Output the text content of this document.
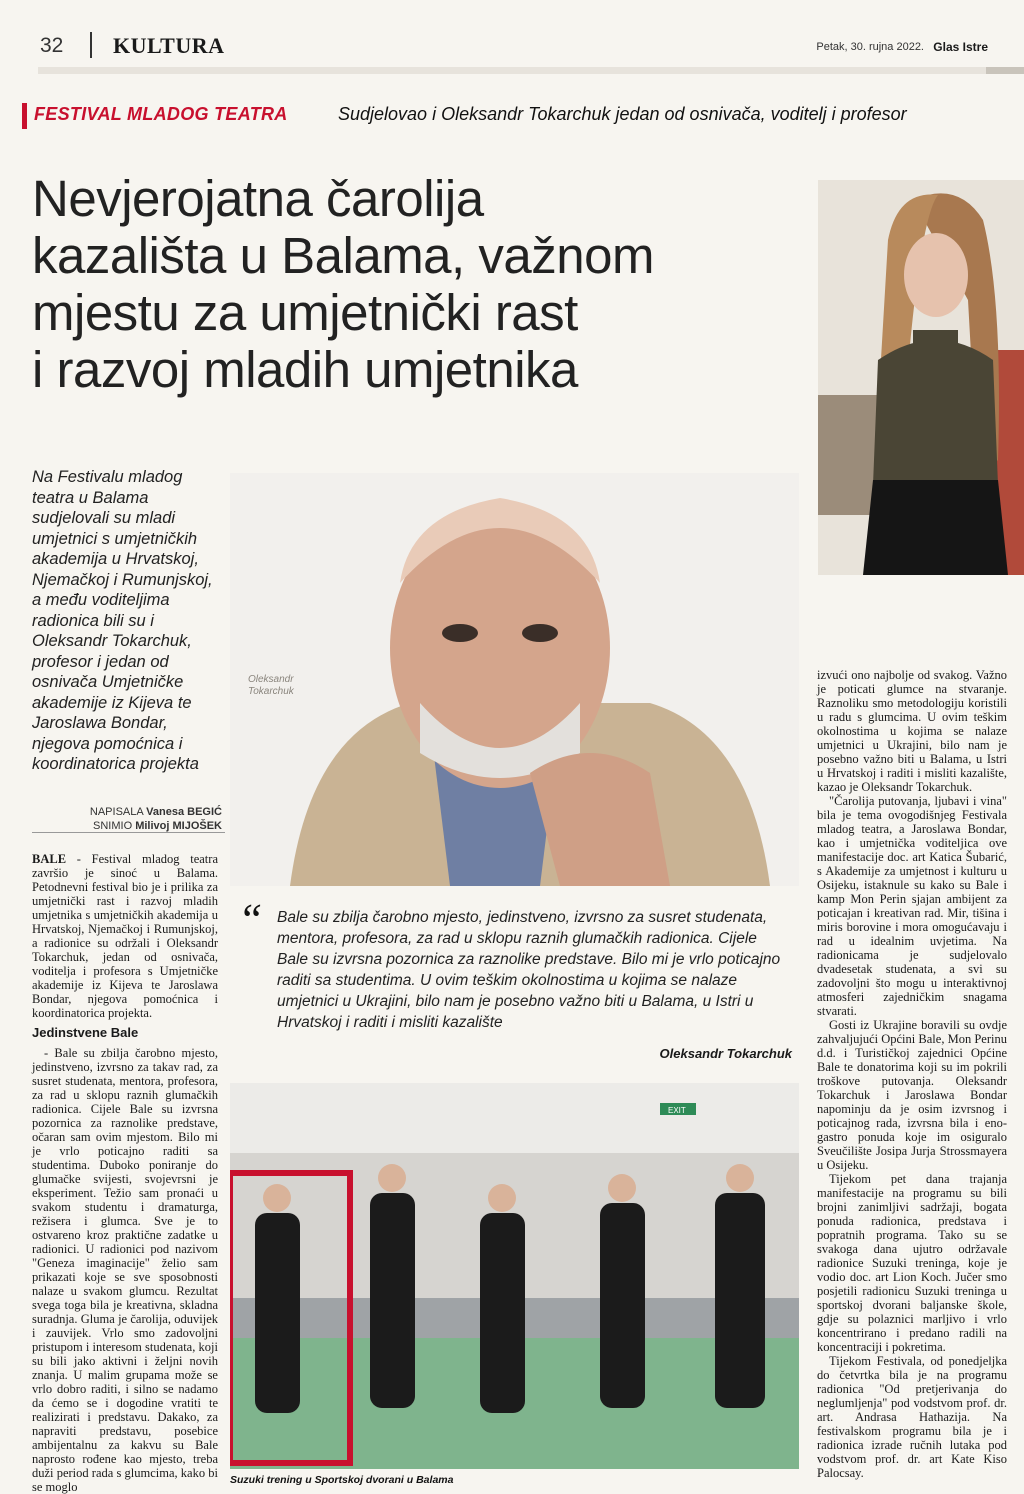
32 KULTURA	Petak, 30. rujna 2022. Glas Istre
FESTIVAL MLADOG TEATRA	Sudjelovao i Oleksandr Tokarchuk jedan od osnivača, voditelj i profesor
Nevjerojatna čarolija
kazališta u Balama, važnom
mjestu za umjetnički rast
i razvoj mladih umjetnika
Oleksandr Tokarchuk

Na Festivalu mladog teatra u Balama sudjelovali su mladi umjetnici s umjetničkih akademija u Hrvatskoj, Njemačkoj i Rumunjskoj, a među voditeljima radionica bili su i Oleksandr Tokarchuk, profesor i jedan od osnivača Umjetničke akademije iz Kijeva te Jaroslawa Bondar, njegova pomoćnica i koordinatorica projekta

NAPISALA Vanesa BEGIĆ
SNIMIO Milivoj MIJOŠEK

BALE - Festival mladog teatra završio je sinoć u Balama. Petodnevni festival bio je i prilika za umjetnički rast i razvoj mladih umjetnika s umjetničkih akademija u Hrvatskoj, Njemačkoj i Rumunjskoj, a radionice su održali i Oleksandr Tokarchuk, jedan od osnivača, voditelja i profesora s Umjetničke akademije iz Kijeva te Jaroslawa Bondar, njegova pomoćnica i koordinatorica projekta.

Jedinstvene Bale

- Bale su zbilja čarobno mjesto, jedinstveno, izvrsno za takav rad, za susret studenata, mentora, profesora, za rad u sklopu raznih glumačkih radionica. Cijele Bale su izvrsna pozornica za raznolike predstave, očaran sam ovim mjestom. Bilo mi je vrlo poticajno raditi sa studentima. Duboko poniranje do glumačke svijesti, svojevrsni je eksperiment. Težio sam pronaći u svakom studentu i dramaturga, režisera i glumca. Sve je to ostvareno kroz praktične zadatke u radionici. U radionici pod nazivom "Geneza imaginacije" želio sam prikazati koje se sve sposobnosti nalaze u svakom glumcu. Rezultat svega toga bila je kreativna, skladna suradnja. Gluma je čarolija, oduvijek i zauvijek. Vrlo smo zadovoljni pristupom i interesom studenata, koji su bili jako aktivni i željni novih znanja. U malim grupama može se vrlo dobro raditi, i silno se nadamo da ćemo se i dogodine vratiti te realizirati i predstavu. Dakako, za napraviti predstavu, posebice ambijentalnu za kakvu su Bale naprosto rođene kao mjesto, treba duži period rada s glumcima, kako bi se moglo

“ Bale su zbilja čarobno mjesto, jedinstveno, izvrsno za susret studenata, mentora, profesora, za rad u sklopu raznih glumačkih radionica. Cijele Bale su izvrsna pozornica za raznolike predstave. Bilo mi je vrlo poticajno raditi sa studentima. U ovim teškim okolnostima u kojima se nalaze umjetnici u Ukrajini, bilo nam je posebno važno biti u Balama, u Istri u Hrvatskoj i raditi i misliti kazalište

Oleksandr Tokarchuk
EXIT
Suzuki trening u Sportskoj dvorani u Balama

izvući ono najbolje od svakog. Važno je poticati glumce na stvaranje. Raznoliku smo metodologiju koristili u radu s glumcima. U ovim teškim okolnostima u kojima se nalaze umjetnici u Ukrajini, bilo nam je posebno važno biti u Balama, u Istri u Hrvatskoj i raditi i misliti kazalište, kazao je Oleksandr Tokarchuk.

"Čarolija putovanja, ljubavi i vina" bila je tema ovogodišnjeg Festivala mladog teatra, a Jaroslawa Bondar, kao i umjetnička voditeljica ove manifestacije doc. art Katica Šubarić, s Akademije za umjetnost i kulturu u Osijeku, istaknule su kako su Bale i kamp Mon Perin sjajan ambijent za poticajan i kreativan rad. Mir, tišina i miris borovine i mora omogućavaju i rad u idealnim uvjetima. Na radionicama je sudjelovalo dvadesetak studenata, a svi su zadovoljni što mogu u interaktivnoj atmosferi zajedničkim snagama stvarati.

Gosti iz Ukrajine boravili su ovdje zahvaljujući Općini Bale, Mon Perinu d.d. i Turističkoj zajednici Općine Bale te donatorima koji su im pokrili troškove putovanja. Oleksandr Tokarchuk i Jaroslawa Bondar napominju da je osim izvrsnog i poticajnog rada, izvrsna bila i eno-gastro ponuda koje im osiguralo Sveučilište Josipa Jurja Strossmayera u Osijeku.

Tijekom pet dana trajanja manifestacije na programu su bili brojni zanimljivi sadržaji, bogata ponuda radionica, predstava i popratnih programa. Tako su se svakoga dana ujutro održavale radionice Suzuki treninga, koje je vodio doc. art Lion Koch. Jučer smo posjetili radionicu Suzuki treninga u sportskoj dvorani baljanske škole, gdje su polaznici marljivo i vrlo koncentrirano i predano radili na koncentraciji i pokretima.

Tijekom Festivala, od ponedjeljka do četvrtka bila je na programu radionica "Od pretjerivanja do neglumljenja" pod vodstvom prof. dr. art. Andrasa Hathazija. Na festivalskom programu bila je i radionica izrade ručnih lutaka pod vodstvom prof. dr. art Kate Kiso Palocsay.
